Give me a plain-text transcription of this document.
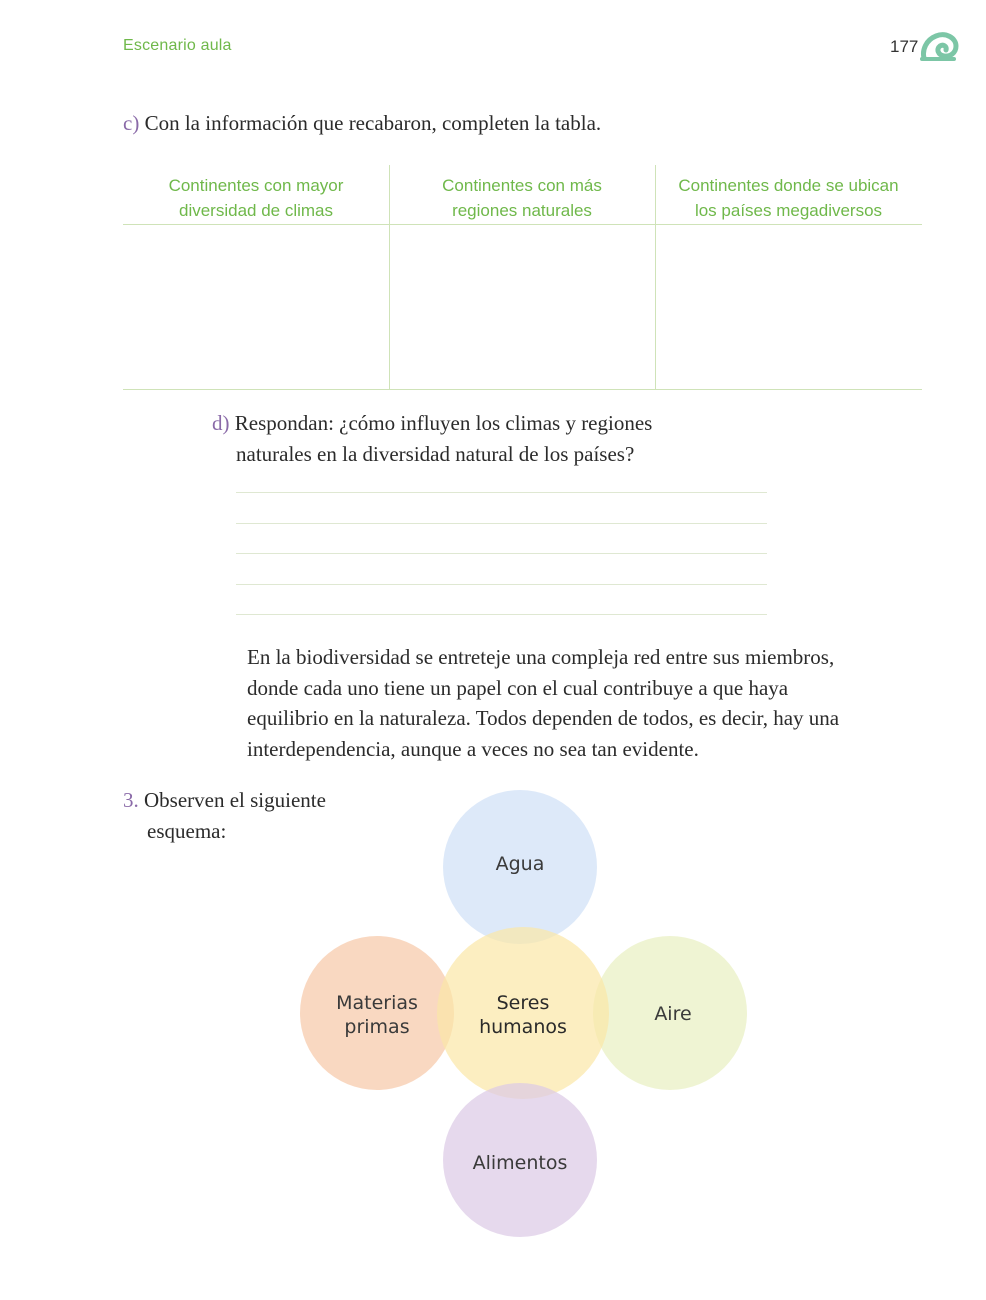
Escenario aula	177
c) Con la información que recabaron, completen la tabla.
Continentes con mayor
diversidad de climas
Continentes con más
regiones naturales
Continentes donde se ubican
los países megadiversos
d) Respondan: ¿cómo influyen los climas y regiones
naturales en la diversidad natural de los países?
En la biodiversidad se entreteje una compleja red entre sus miembros,
donde cada uno tiene un papel con el cual contribuye a que haya
equilibrio en la naturaleza. Todos dependen de todos, es decir, hay una
interdependencia, aunque a veces no sea tan evidente.
3. Observen el siguiente
esquema:
Agua
Materias
primas
Seres
humanos
Aire
Alimentos
